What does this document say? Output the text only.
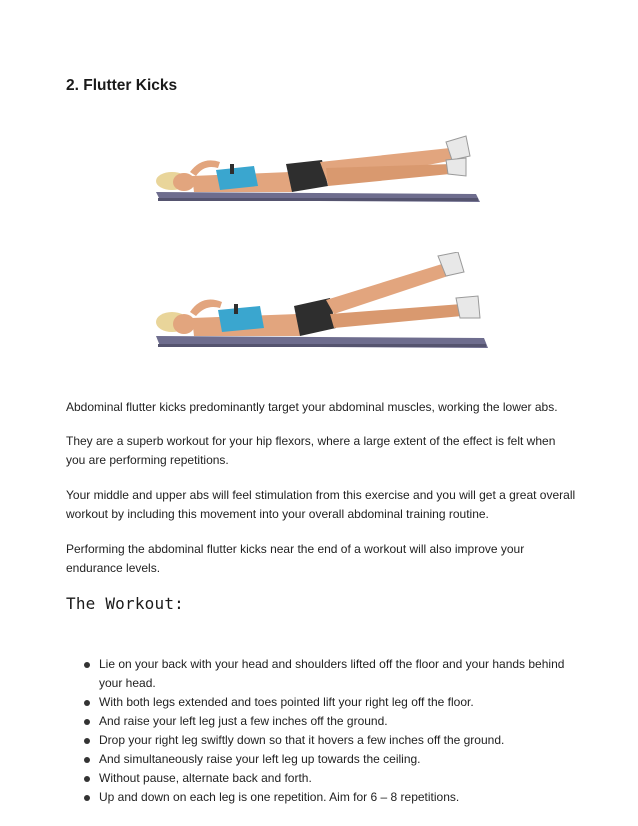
2. Flutter Kicks

Abdominal flutter kicks predominantly target your abdominal muscles, working the lower abs.

They are a superb workout for your hip flexors, where a large extent of the effect is felt when you are performing repetitions.

Your middle and upper abs will feel stimulation from this exercise and you will get a great overall workout by including this movement into your overall abdominal training routine.

Performing the abdominal flutter kicks near the end of a workout will also improve your endurance levels.

The Workout:
Lie on your back with your head and shoulders lifted off the floor and your hands behind your head.
With both legs extended and toes pointed lift your right leg off the floor.
And raise your left leg just a few inches off the ground.
Drop your right leg swiftly down so that it hovers a few inches off the ground.
And simultaneously raise your left leg up towards the ceiling.
Without pause, alternate back and forth.
Up and down on each leg is one repetition. Aim for 6 – 8 repetitions.
